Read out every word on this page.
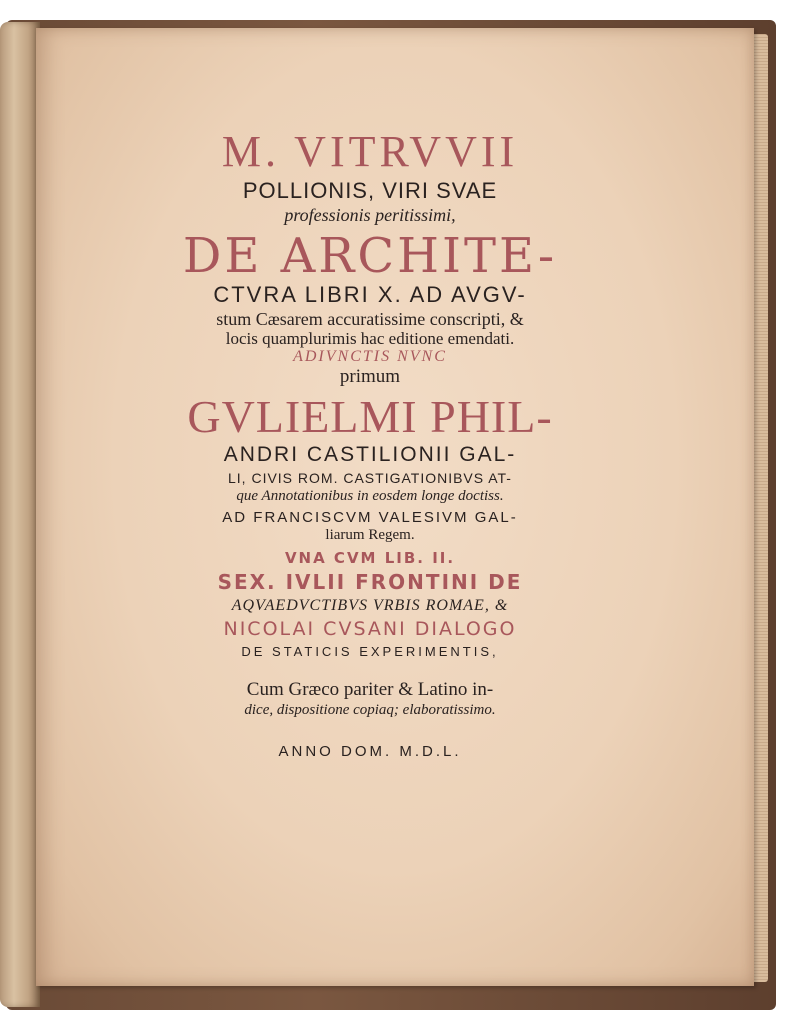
M. VITRVVII
POLLIONIS, VIRI SVAE
professionis peritissimi,
DE ARCHITE-
CTVRA LIBRI X. AD AVGV-
stum Cæsarem accuratissime conscripti, &
locis quamplurimis hac editione emendati.
ADIVNCTIS NVNC
primum
GVLIELMI PHIL-
ANDRI CASTILIONII GAL-
LI, CIVIS ROM. CASTIGATIONIBVS AT-
que Annotationibus in eosdem longe doctiss.
AD FRANCISCVM VALESIVM GAL-
liarum Regem.
VNA CVM LIB. II.
SEX. IVLII FRONTINI DE
AQVAEDVCTIBVS VRBIS ROMAE, &
NICOLAI CVSANI DIALOGO
DE STATICIS EXPERIMENTIS,
Cum Græco pariter & Latino in-
dice, dispositione copiaq; elaboratissimo.
ANNO DOM. M.D.L.
